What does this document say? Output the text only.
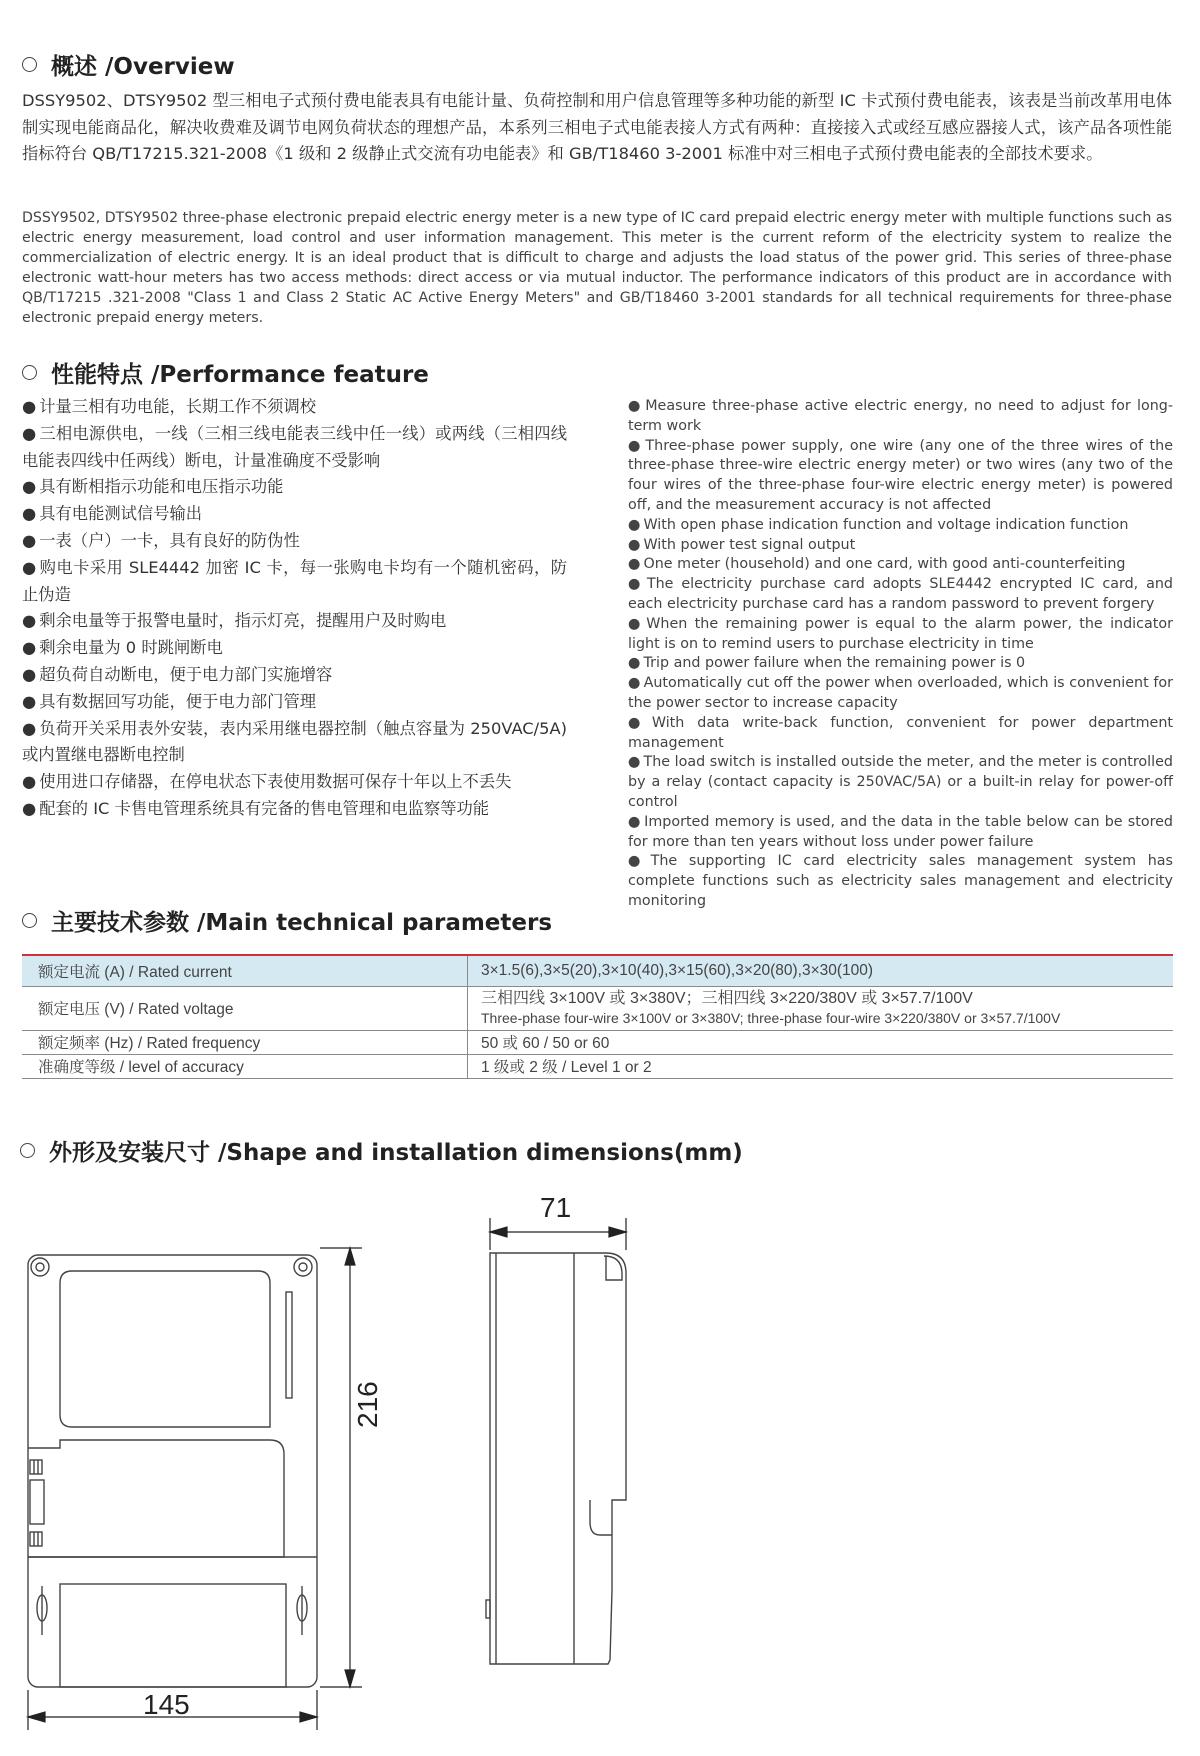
概述 /Overview
DSSY9502、DTSY9502 型三相电子式预付费电能表具有电能计量、负荷控制和用户信息管理等多种功能的新型 IC 卡式预付费电能表，该表是当前改革用电体制实现电能商品化，解决收费难及调节电网负荷状态的理想产品，本系列三相电子式电能表接人方式有两种：直接接入式或经互感应器接人式，该产品各项性能指标符台 QB/T17215.321-2008《1 级和 2 级静止式交流有功电能表》和 GB/T18460 3-2001 标准中对三相电子式预付费电能表的全部技术要求。
DSSY9502, DTSY9502 three-phase electronic prepaid electric energy meter is a new type of IC card prepaid electric energy meter with multiple functions such as electric energy measurement, load control and user information management. This meter is the current reform of the electricity system to realize the commercialization of electric energy. It is an ideal product that is difficult to charge and adjusts the load status of the power grid. This series of three-phase electronic watt-hour meters has two access methods: direct access or via mutual inductor. The performance indicators of this product are in accordance with QB/T17215 .321-2008 "Class 1 and Class 2 Static AC Active Energy Meters" and GB/T18460 3-2001 standards for all technical requirements for three-phase electronic prepaid energy meters.
性能特点 /Performance feature
● 计量三相有功电能，长期工作不须调校
● 三相电源供电，一线（三相三线电能表三线中任一线）或两线（三相四线电能表四线中任两线）断电，计量准确度不受影响
● 具有断相指示功能和电压指示功能
● 具有电能测试信号输出
● 一表（户）一卡，具有良好的防伪性
● 购电卡采用 SLE4442 加密 IC 卡，每一张购电卡均有一个随机密码，防止伪造
● 剩余电量等于报警电量时，指示灯亮，提醒用户及时购电
● 剩余电量为 0 时跳闸断电
● 超负荷自动断电，便于电力部门实施增容
● 具有数据回写功能，便于电力部门管理
● 负荷开关采用表外安装，表内采用继电器控制（触点容量为 250VAC/5A) 或内置继电器断电控制
● 使用进口存储器，在停电状态下表使用数据可保存十年以上不丢失
● 配套的 IC 卡售电管理系统具有完备的售电管理和电监察等功能
● Measure three-phase active electric energy, no need to adjust for long-term work
● Three-phase power supply, one wire (any one of the three wires of the three-phase three-wire electric energy meter) or two wires (any two of the four wires of the three-phase four-wire electric energy meter) is powered off, and the measurement accuracy is not affected
● With open phase indication function and voltage indication function
● With power test signal output
● One meter (household) and one card, with good anti-counterfeiting
● The electricity purchase card adopts SLE4442 encrypted IC card, and each electricity purchase card has a random password to prevent forgery
● When the remaining power is equal to the alarm power, the indicator light is on to remind users to purchase electricity in time
● Trip and power failure when the remaining power is 0
● Automatically cut off the power when overloaded, which is convenient for the power sector to increase capacity
● With data write-back function, convenient for power department management
● The load switch is installed outside the meter, and the meter is controlled by a relay (contact capacity is 250VAC/5A) or a built-in relay for power-off control
● Imported memory is used, and the data in the table below can be stored for more than ten years without loss under power failure
● The supporting IC card electricity sales management system has complete functions such as electricity sales management and electricity monitoring
主要技术参数 /Main technical parameters
额定电流 (A) / Rated current	3×1.5(6),3×5(20),3×10(40),3×15(60),3×20(80),3×30(100)
额定电压 (V) / Rated voltage	三相四线 3×100V 或 3×380V；三相四线 3×220/380V 或 3×57.7/100V
Three-phase four-wire 3×100V or 3×380V; three-phase four-wire 3×220/380V or 3×57.7/100V

额定频率 (Hz) / Rated frequency	50 或 60 / 50 or 60
准确度等级 / level of accuracy	1 级或 2 级 / Level 1 or 2
外形及安装尺寸 /Shape and installation dimensions(mm)
145
71
216
